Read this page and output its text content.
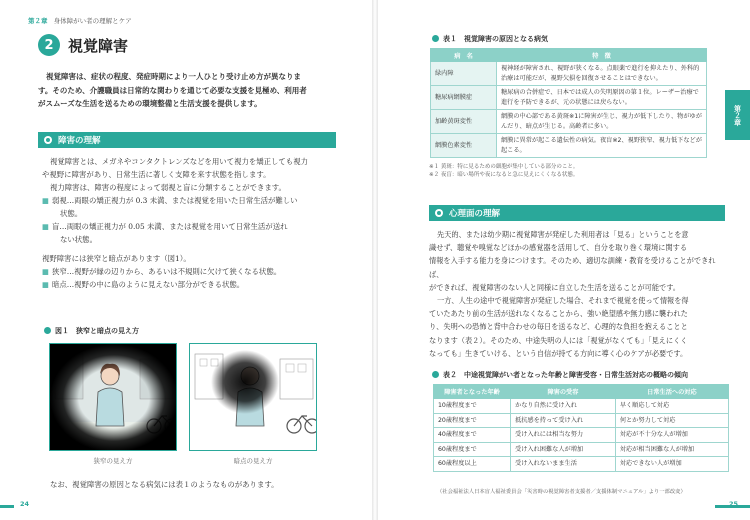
第２章 身体障がい者の理解とケア
2 視覚障害
視覚障害は、症状の程度、発症時期により一人ひとり受け止め方が異なりま
す。そのため、介護職員は日常的な関わりを通じて必要な支援を見極め、利用者
がスムーズな生活を送るための環境整備と生活支援を提供します。
障害の理解
視覚障害とは、メガネやコンタクトレンズなどを用いて視力を矯正しても視力
や視野に障害があり、日常生活に著しく支障を来す状態を指します。
視力障害は、障害の程度によって弱視と盲に分類することができます。
■ 弱視…両眼の矯正視力が 0.3 未満、または視覚を用いた日常生活が難しい
状態。
■ 盲…両眼の矯正視力が 0.05 未満、または視覚を用いて日常生活が送れ
ない状態。
視野障害には狭窄と暗点があります（図1）。
■ 狭窄…視野が縁の辺りから、あるいは不規則に欠けて狭くなる状態。
■ 暗点…視野の中に島のように見えない部分ができる状態。
図１　狭窄と暗点の見え方
狭窄の見え方	暗点の見え方
なお、視覚障害の原因となる病気には表１のようなものがあります。
24
表１　視覚障害の原因となる病気
病　名	特　徴
緑内障	視神経が障害され、視野が狭くなる。点眼薬で進行を抑えたり、外科的治療は可能だが、視野欠損を回復させることはできない。
糖尿病網膜症	糖尿病の合併症で、日本では成人の失明原因の第１位。レーザー治療で進行を予防できるが、元の状態には戻らない。
加齢黄斑変性	網膜の中心部である黄斑※1に障害が生じ、視力が低下したり、物がゆがんだり、暗点が生じる。高齢者に多い。
網膜色素変性	網膜に異常が起こる遺伝性の病気。夜盲※2、視野狭窄、視力低下などが起こる。
※１ 黄斑：特に見るための細胞が集中している部分のこと。
※２ 夜盲：暗い場所や夜になると急に見えにくくなる状態。
心理面の理解
先天的、または幼少期に視覚障害が発症した利用者は「見る」ということを意
識せず、聴覚や嗅覚などほかの感覚器を活用して、自分を取り巻く環境に関する
情報を入手する能力を身につけます。そのため、適切な訓練・教育を受けることができれば、
ができれば、視覚障害のない人と同様に自立した生活を送ることが可能です。
一方、人生の途中で視覚障害が発症した場合、それまで視覚を使って情報を得
ていたあたり前の生活が送れなくなることから、強い絶望感や無力感に襲われた
り、失明への恐怖と背中合わせの毎日を送るなど、心理的な負担を抱えることと
なります（表２）。そのため、中途失明の人には「視覚がなくても」「見えにくく
なっても」生きていける、という自信が持てる方向に導く心のケアが必要です。
表２　中途視覚障がい者となった年齢と障害受容・日常生活対応の概略の傾向
障害者となった年齢	障害の受容	日常生活への対応
10歳程度まで	かなり自然に受け入れ	早く順応して対応
20歳程度まで	抵抗感を持って受け入れ	何とか努力して対応
40歳程度まで	受け入れには相当な努力	対応が不十分な人が増加
60歳程度まで	受け入れ困難な人が増加	対応が相当困難な人が増加
60歳程度以上	受け入れないまま生活	対応できない人が増加
（社会福祉法人日本盲人福祉委員会「災害時の視覚障害者支援者／支援体制マニュアル」より一部改変）
25
第２章
